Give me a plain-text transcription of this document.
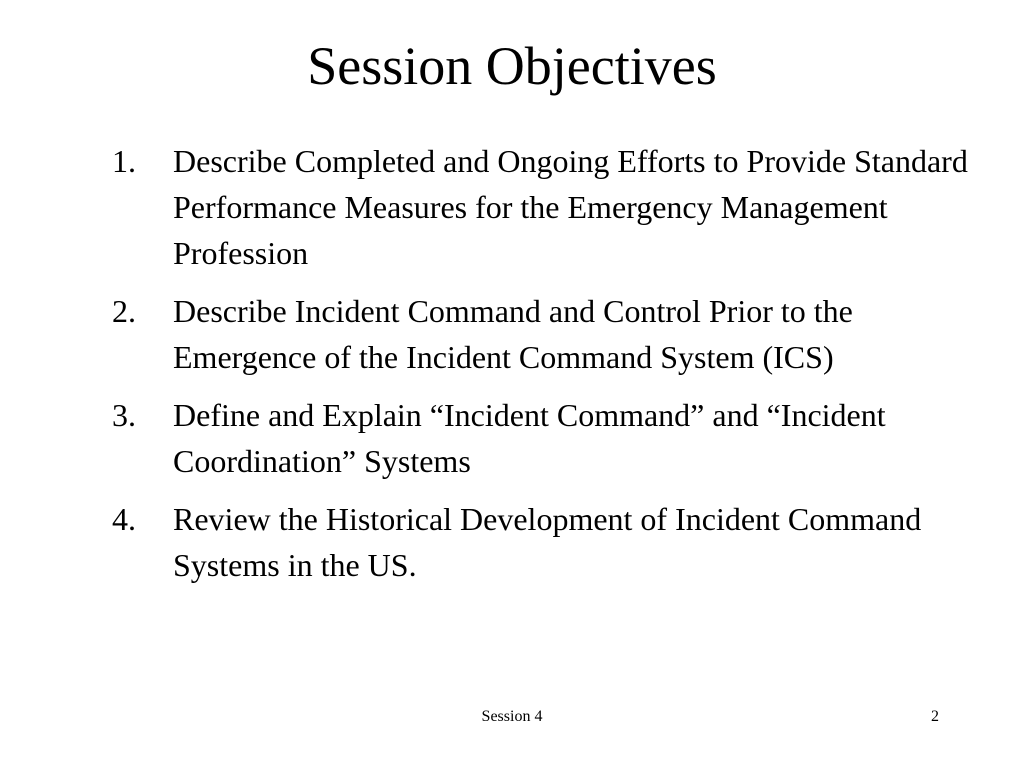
Session Objectives
1. Describe Completed and Ongoing Efforts to Provide Standard Performance Measures for the Emergency Management Profession
2. Describe Incident Command and Control Prior to the Emergence of the Incident Command System (ICS)
3. Define and Explain “Incident Command” and “Incident Coordination” Systems
4. Review the Historical Development of Incident Command Systems in the US.
Session 4	2
